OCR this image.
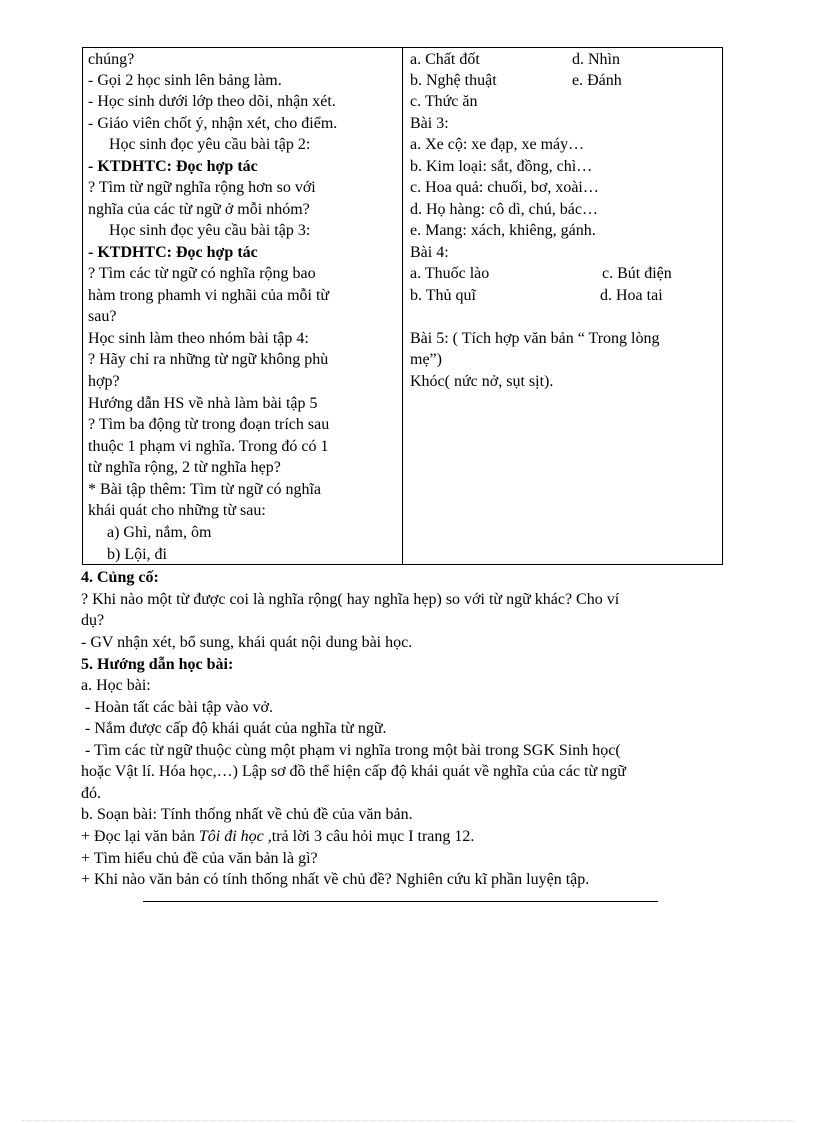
chúng?
- Gọi 2 học sinh lên bảng làm.
- Học sinh dưới lớp theo dõi, nhận xét.
- Giáo viên chốt ý, nhận xét, cho điểm.
Học sinh đọc yêu cầu bài tập 2:
- KTDHTC: Đọc hợp tác
? Tìm từ ngữ nghĩa rộng hơn so với
nghĩa của các từ ngữ ở mỗi nhóm?
Học sinh đọc yêu cầu bài tập 3:
- KTDHTC: Đọc hợp tác
? Tìm các từ ngữ có nghĩa rộng bao
hàm trong phamh vi nghãi của mỗi từ
sau?
Học sinh làm theo nhóm bài tập 4:
? Hãy chỉ ra những từ ngữ không phù
hợp?
Hướng dẫn HS về nhà làm bài tập 5
? Tìm ba động từ trong đoạn trích sau
thuộc 1 phạm vi nghĩa. Trong đó có 1
từ nghĩa rộng, 2 từ nghĩa hẹp?
* Bài tập thêm: Tìm từ ngữ có nghĩa
khái quát cho những từ sau:
a) Ghì, nắm, ôm
b) Lội, đi
a. Chất đốt	d. Nhìn
b. Nghệ thuật	e. Đánh
c. Thức ăn
Bài 3:
a. Xe cộ: xe đạp, xe máy…
b. Kim loại: sắt, đồng, chì…
c. Hoa quả: chuối, bơ, xoài…
d. Họ hàng: cô dì, chú, bác…
e. Mang: xách, khiêng, gánh.
Bài 4:
a. Thuốc lào	c. Bút điện
b. Thủ quĩ	d. Hoa tai
Bài 5: ( Tích hợp văn bản “ Trong lòng
mẹ”)
Khóc( nức nở, sụt sịt).
4. Củng cố:
? Khi nào một từ được coi là nghĩa rộng( hay nghĩa hẹp) so với từ ngữ khác? Cho ví
dụ?
- GV nhận xét, bổ sung, khái quát nội dung bài học.
5. Hướng dẫn học bài:
a. Học bài:
- Hoàn tất các bài tập vào vở.
- Nắm được cấp độ khái quát của nghĩa từ ngữ.
- Tìm các từ ngữ thuộc cùng một phạm vi nghĩa trong một bài trong SGK Sinh học(
hoặc Vật lí. Hóa học,…) Lập sơ đồ thể hiện cấp độ khái quát về nghĩa của các từ ngữ
đó.
b. Soạn bài: Tính thống nhất về chủ đề của văn bản.
+ Đọc lại văn bản Tôi đi học ,trả lời 3 câu hỏi mục I trang 12.
+ Tìm hiểu chủ đề của văn bản là gì?
+ Khi nào văn bản có tính thống nhất về chủ đề? Nghiên cứu kĩ phần luyện tập.
